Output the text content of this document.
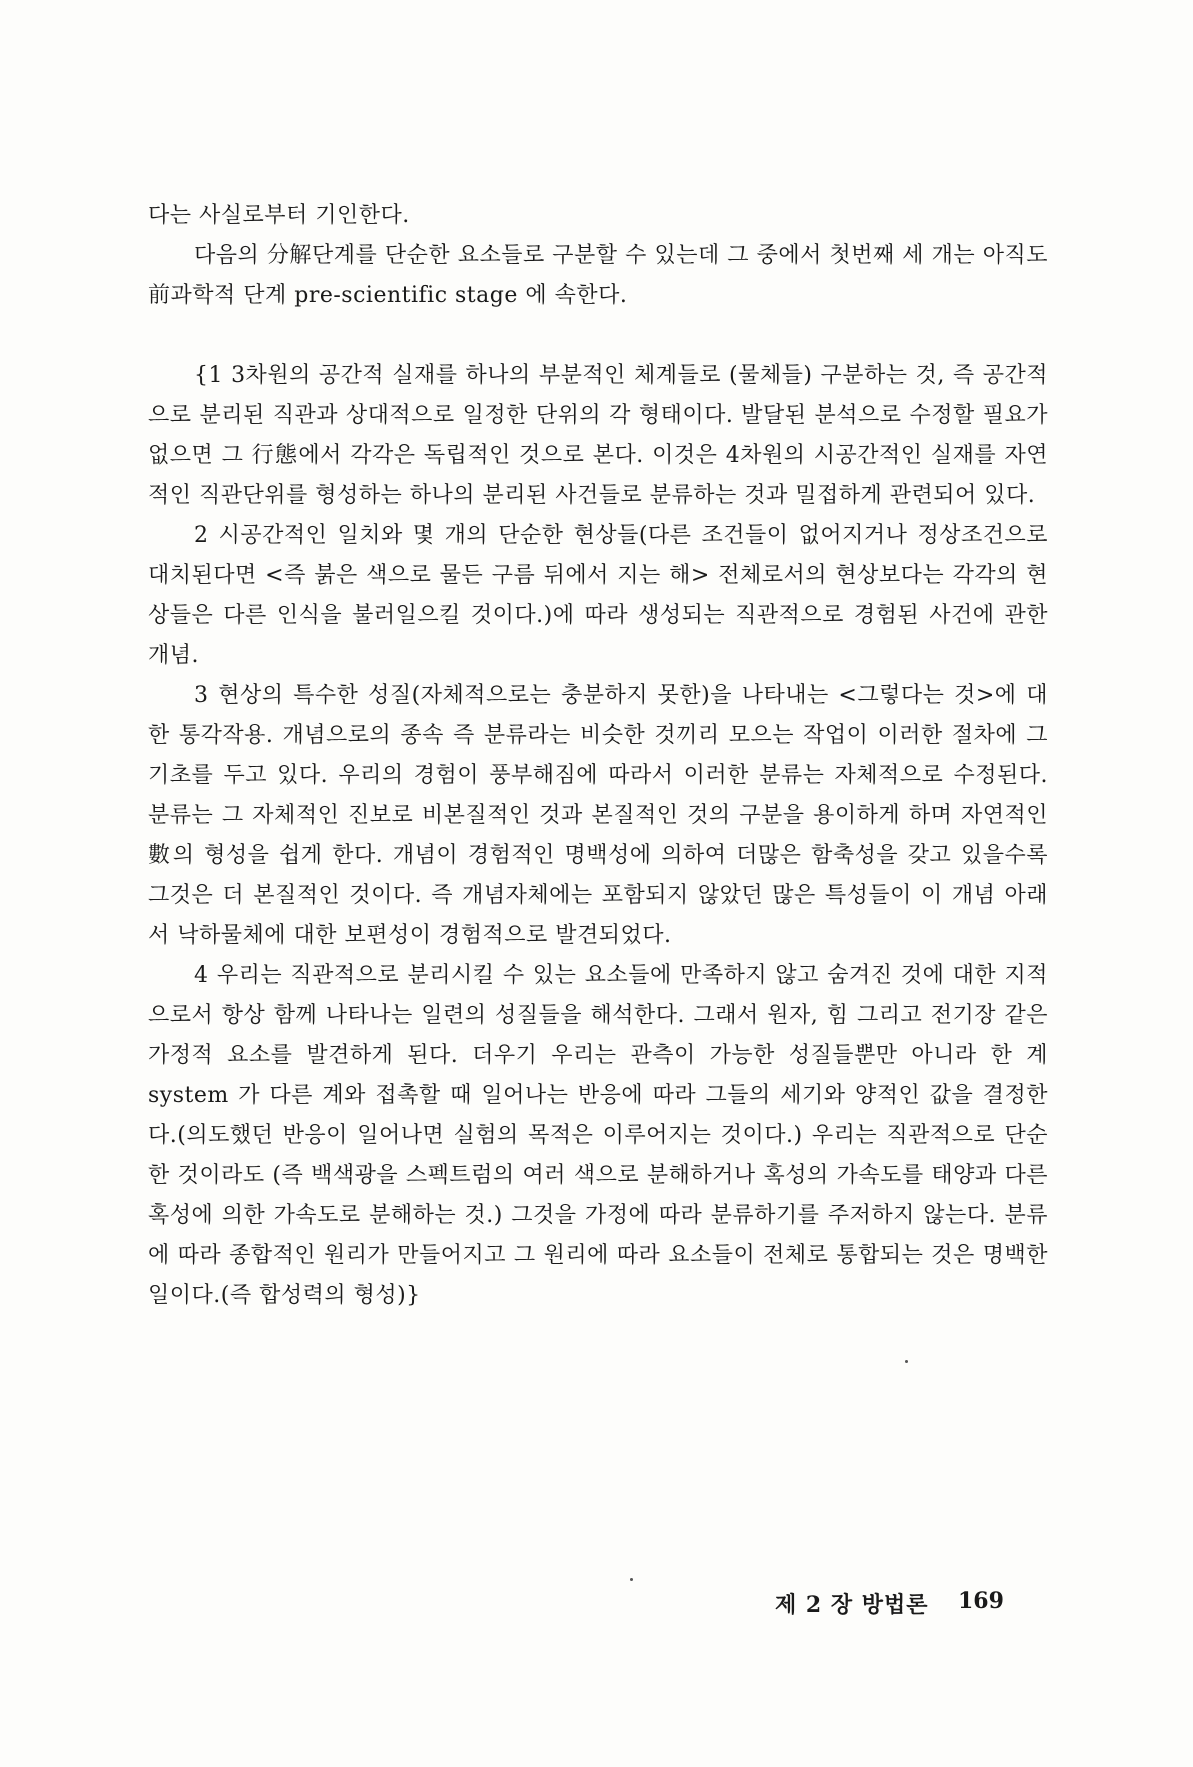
다는 사실로부터 기인한다.

다음의 分解단계를 단순한 요소들로 구분할 수 있는데 그 중에서 첫번째 세 개는 아직도 前과학적 단계 pre-scientific stage 에 속한다.

{1 3차원의 공간적 실재를 하나의 부분적인 체계들로 (물체들) 구분하는 것, 즉 공간적으로 분리된 직관과 상대적으로 일정한 단위의 각 형태이다. 발달된 분석으로 수정할 필요가 없으면 그 行態에서 각각은 독립적인 것으로 본다. 이것은 4차원의 시공간적인 실재를 자연적인 직관단위를 형성하는 하나의 분리된 사건들로 분류하는 것과 밀접하게 관련되어 있다.

2 시공간적인 일치와 몇 개의 단순한 현상들(다른 조건들이 없어지거나 정상조건으로 대치된다면 <즉 붉은 색으로 물든 구름 뒤에서 지는 해> 전체로서의 현상보다는 각각의 현상들은 다른 인식을 불러일으킬 것이다.)에 따라 생성되는 직관적으로 경험된 사건에 관한 개념.

3 현상의 특수한 성질(자체적으로는 충분하지 못한)을 나타내는 <그렇다는 것>에 대한 통각작용. 개념으로의 종속 즉 분류라는 비슷한 것끼리 모으는 작업이 이러한 절차에 그 기초를 두고 있다. 우리의 경험이 풍부해짐에 따라서 이러한 분류는 자체적으로 수정된다. 분류는 그 자체적인 진보로 비본질적인 것과 본질적인 것의 구분을 용이하게 하며 자연적인 數의 형성을 쉽게 한다. 개념이 경험적인 명백성에 의하여 더많은 함축성을 갖고 있을수록 그것은 더 본질적인 것이다. 즉 개념자체에는 포함되지 않았던 많은 특성들이 이 개념 아래서 낙하물체에 대한 보편성이 경험적으로 발견되었다.

4 우리는 직관적으로 분리시킬 수 있는 요소들에 만족하지 않고 숨겨진 것에 대한 지적으로서 항상 함께 나타나는 일련의 성질들을 해석한다. 그래서 원자, 힘 그리고 전기장 같은 가정적 요소를 발견하게 된다. 더우기 우리는 관측이 가능한 성질들뿐만 아니라 한 계 system 가 다른 계와 접촉할 때 일어나는 반응에 따라 그들의 세기와 양적인 값을 결정한다.(의도했던 반응이 일어나면 실험의 목적은 이루어지는 것이다.) 우리는 직관적으로 단순한 것이라도 (즉 백색광을 스펙트럼의 여러 색으로 분해하거나 혹성의 가속도를 태양과 다른 혹성에 의한 가속도로 분해하는 것.) 그것을 가정에 따라 분류하기를 주저하지 않는다. 분류에 따라 종합적인 원리가 만들어지고 그 원리에 따라 요소들이 전체로 통합되는 것은 명백한 일이다.(즉 합성력의 형성)}

제 2 장 방법론 169
